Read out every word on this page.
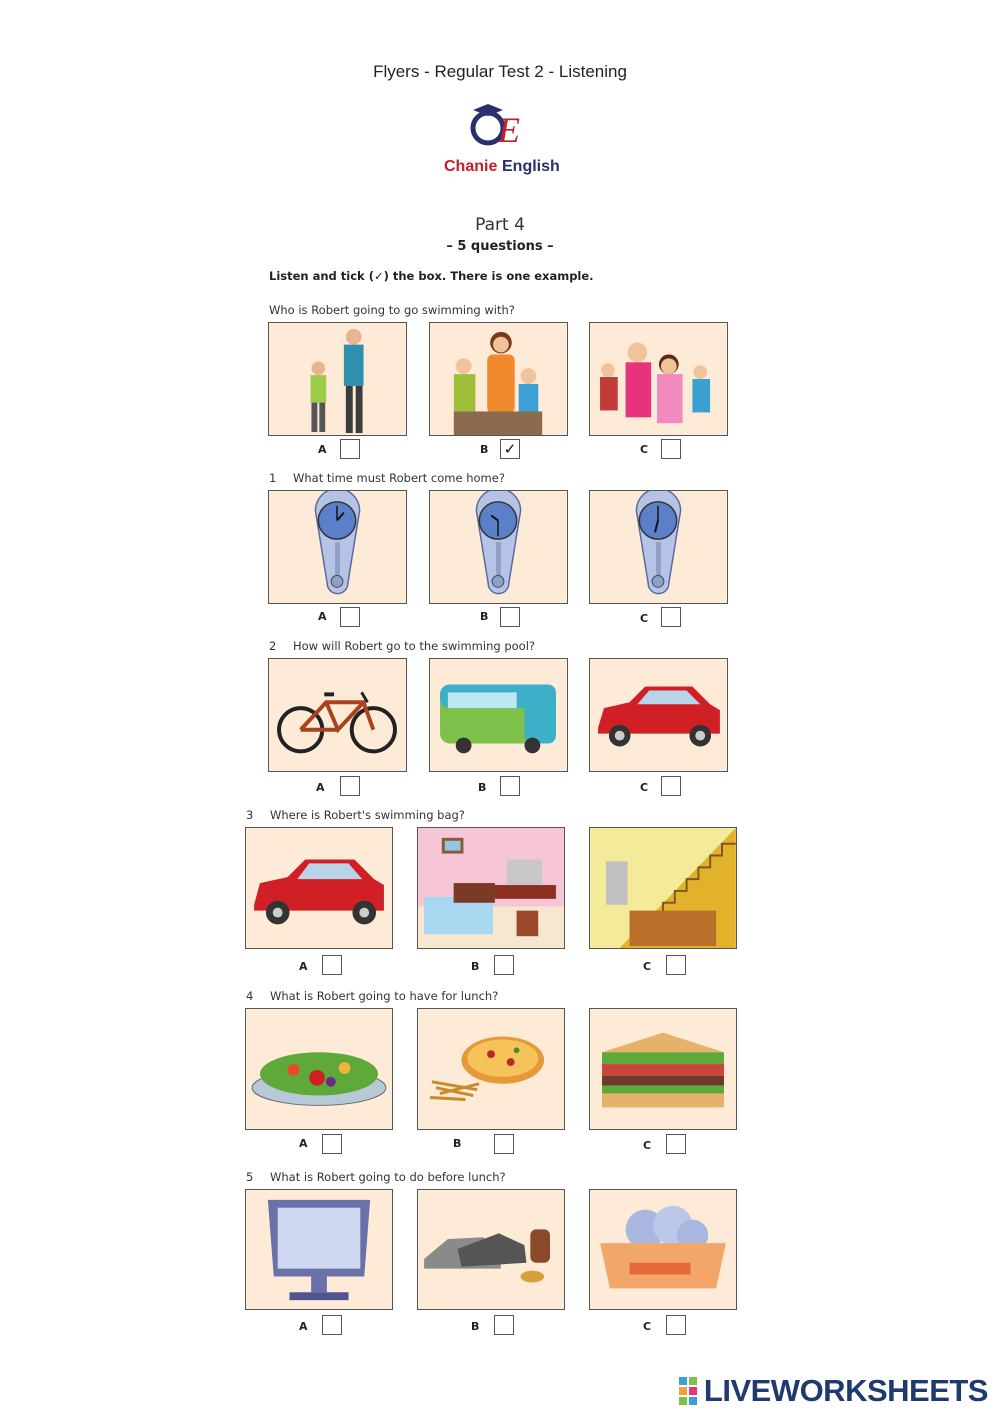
Flyers - Regular Test 2 - Listening
E
Chanie English
Part 4
– 5 questions –
Listen and tick (✓) the box. There is one example.
Who is Robert going to go swimming with?
A	B ✓	C
1 What time must Robert come home?
A	B	C
2 How will Robert go to the swimming pool?
A	B	C
3 Where is Robert's swimming bag?
A	B	C
4 What is Robert going to have for lunch?
A	B	C
5 What is Robert going to do before lunch?
A	B	C

LIVEWORKSHEETS
